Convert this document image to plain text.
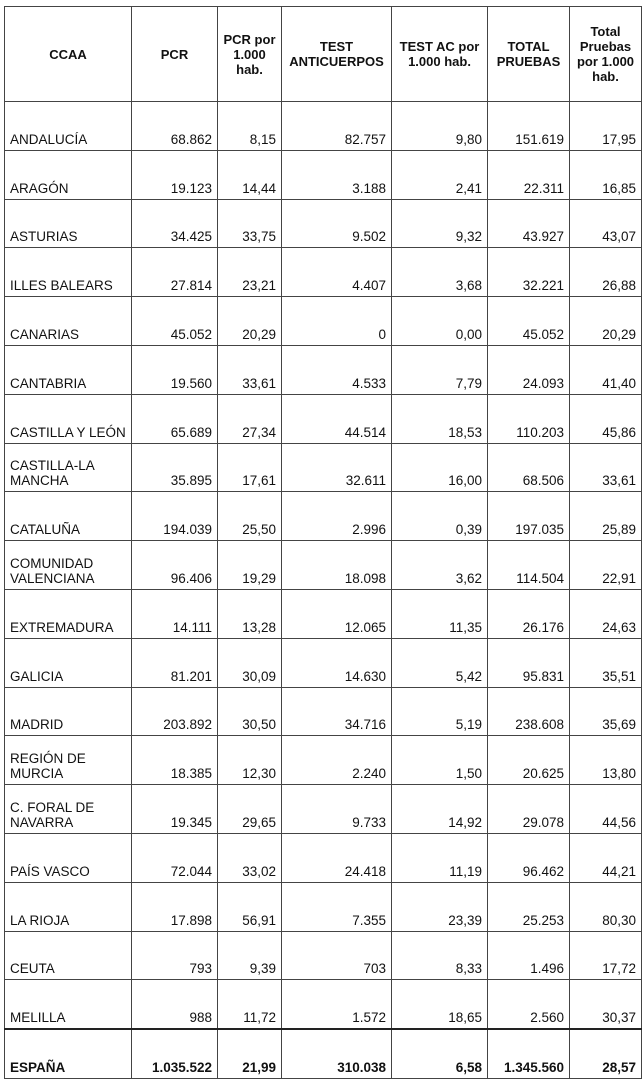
CCAA	PCR	PCR por 1.000 hab.	TEST ANTICUERPOS	TEST AC por 1.000 hab.	TOTAL PRUEBAS	Total Pruebas por 1.000 hab.
ANDALUCÍA	68.862	8,15	82.757	9,80	151.619	17,95
ARAGÓN	19.123	14,44	3.188	2,41	22.311	16,85
ASTURIAS	34.425	33,75	9.502	9,32	43.927	43,07
ILLES BALEARS	27.814	23,21	4.407	3,68	32.221	26,88
CANARIAS	45.052	20,29	0	0,00	45.052	20,29
CANTABRIA	19.560	33,61	4.533	7,79	24.093	41,40
CASTILLA Y LEÓN	65.689	27,34	44.514	18,53	110.203	45,86
CASTILLA-LA MANCHA	35.895	17,61	32.611	16,00	68.506	33,61
CATALUÑA	194.039	25,50	2.996	0,39	197.035	25,89
COMUNIDAD VALENCIANA	96.406	19,29	18.098	3,62	114.504	22,91
EXTREMADURA	14.111	13,28	12.065	11,35	26.176	24,63
GALICIA	81.201	30,09	14.630	5,42	95.831	35,51
MADRID	203.892	30,50	34.716	5,19	238.608	35,69
REGIÓN DE MURCIA	18.385	12,30	2.240	1,50	20.625	13,80
C. FORAL DE NAVARRA	19.345	29,65	9.733	14,92	29.078	44,56
PAÍS VASCO	72.044	33,02	24.418	11,19	96.462	44,21
LA RIOJA	17.898	56,91	7.355	23,39	25.253	80,30
CEUTA	793	9,39	703	8,33	1.496	17,72
MELILLA	988	11,72	1.572	18,65	2.560	30,37
ESPAÑA	1.035.522	21,99	310.038	6,58	1.345.560	28,57
